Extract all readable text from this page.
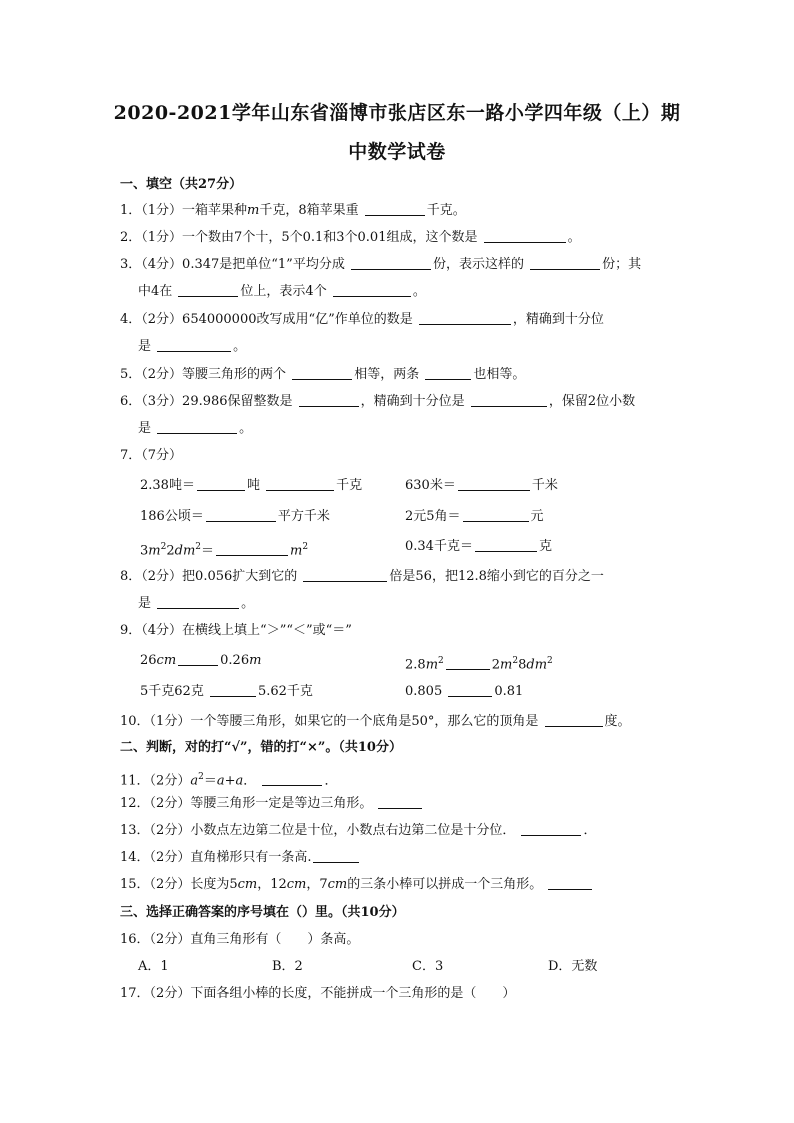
2020-2021学年山东省淄博市张店区东一路小学四年级（上）期
中数学试卷
一、填空（共27分）
1．（1分）一箱苹果种m千克，8箱苹果重	千克。
2．（1分）一个数由7个十，5个0.1和3个0.01组成，这个数是	。
3．（4分）0.347是把单位“1”平均分成	份，表示这样的	份；其
中4在	位上，表示4个	。
4．（2分）654000000改写成用“亿”作单位的数是	，精确到十分位
是	。
5．（2分）等腰三角形的两个	相等，两条	也相等。
6．（3分）29.986保留整数是	，精确到十分位是	，保留2位小数
是	。
7．（7分）
2.38吨＝	吨	千克	630米＝	千米
186公顷＝	平方千米	2元5角＝	元
$3m^22dm^2=$	$m^2$	0.34千克＝	克
8．（2分）把0.056扩大到它的	倍是56，把12.8缩小到它的百分之一
是	。
9．（4分）在横线上填上“＞”“＜”或“＝”
26cm	0.26m	$2.8m^2$	$2m^28dm^2$
5千克62克	5.62千克	0.805	0.81
10．（1分）一个等腰三角形，如果它的一个底角是50°，那么它的顶角是	度。
二、判断，对的打“√”，错的打“×”。（共10分）
11．（2分）$a^2=a+a$．	．
12．（2分）等腰三角形一定是等边三角形。
13．（2分）小数点左边第二位是十位，小数点右边第二位是十分位．	．
14．（2分）直角梯形只有一条高.
15．（2分）长度为5cm，12cm，7cm的三条小棒可以拼成一个三角形。
三、选择正确答案的序号填在（）里。（共10分）
16．（2分）直角三角形有（　　）条高。
A．1	B．2	C．3	D．无数
17．（2分）下面各组小棒的长度，不能拼成一个三角形的是（　　）
